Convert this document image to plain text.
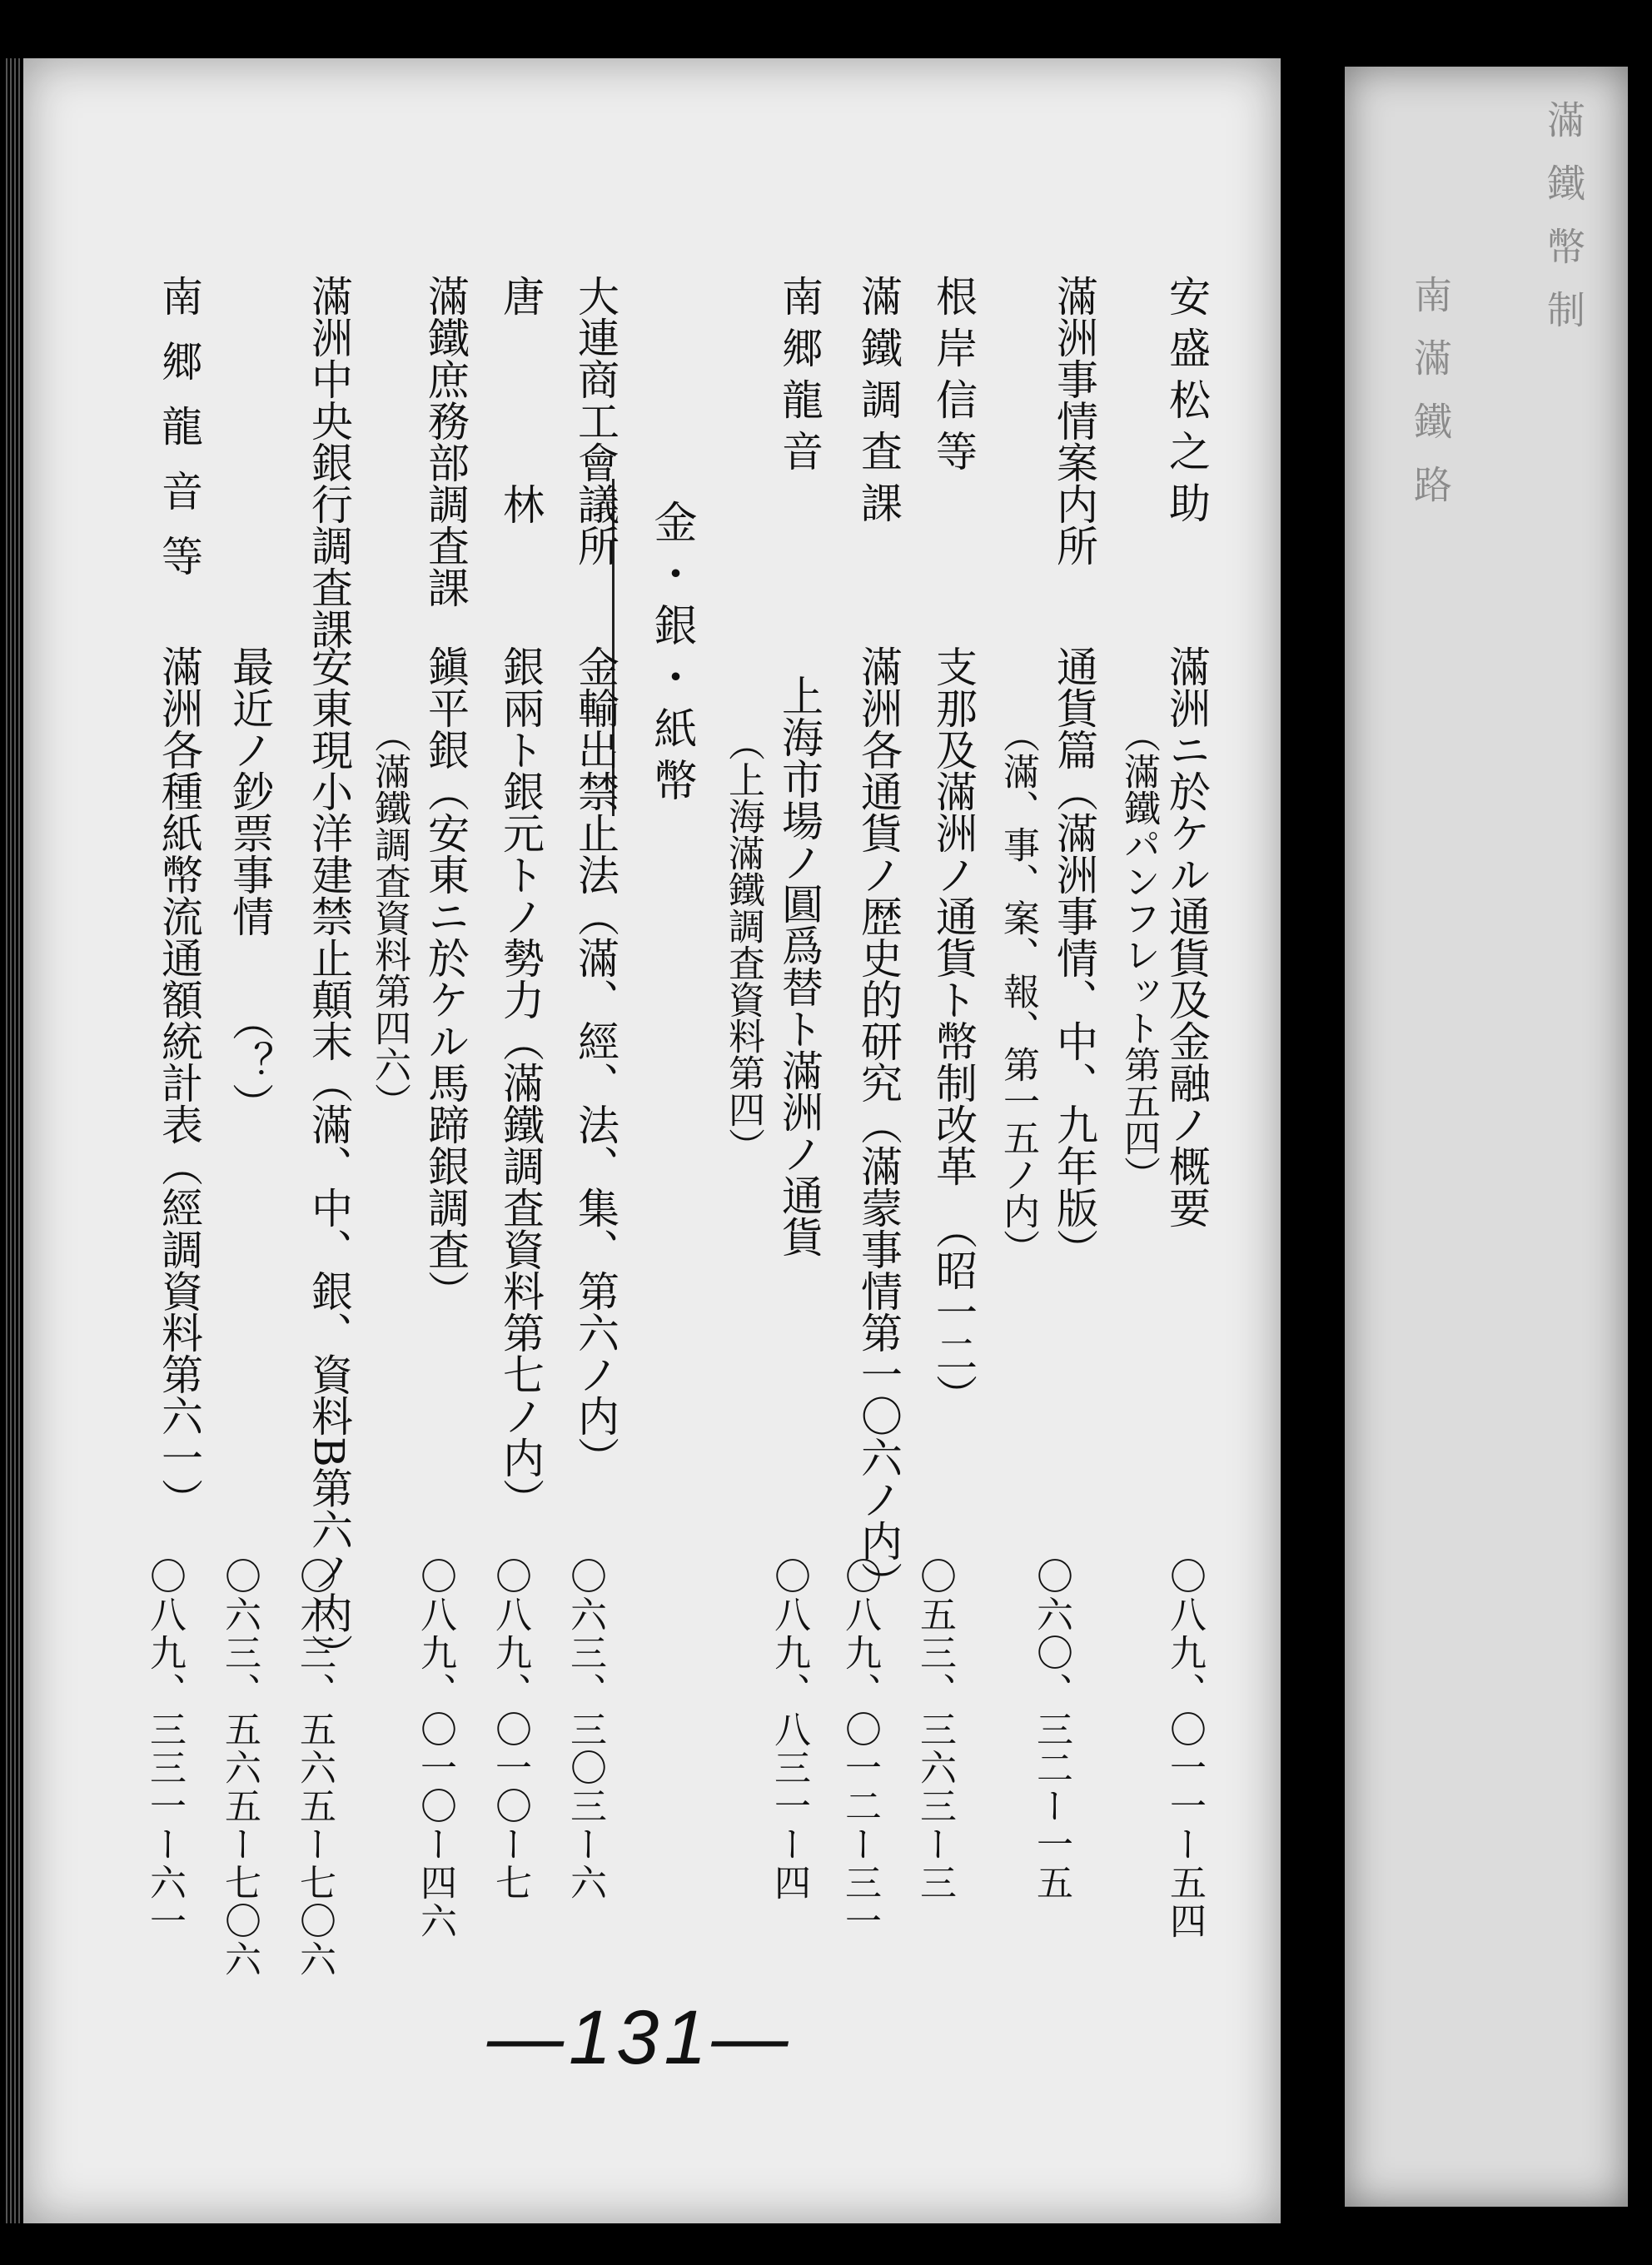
滿鐵幣制
南滿鐵路
安盛松之助
滿洲ニ於ケル通貨及金融ノ概要
（滿鐵パンフレット第五四）
〇八九、〇一一ー五四
滿洲事情案内所
通貨篇（滿洲事情、中、九年版）
（滿、事、案、報、第一五ノ内）
〇六〇、三二ー一五
根岸信等
支那及滿洲ノ通貨ト幣制改革　（昭一二）
〇五三、三六三ー三
滿鐵調査課
滿洲各通貨ノ歴史的研究（滿蒙事情第一〇六ノ内）
〇八九、〇一二ー三一
南郷龍音
上海市場ノ圓爲替ト滿洲ノ通貨
（上海滿鐵調査資料第四）
〇八九、八三一ー四
金・銀・紙幣
大連商工會議所
金輸出禁止法（滿、經、法、集、第六ノ内）
〇六三、三〇三ー六
唐林
銀兩ト銀元トノ勢力（滿鐵調査資料第七ノ内）
〇八九、〇一〇ー七
滿鐵庶務部調査課
鎭平銀（安東ニ於ケル馬蹄銀調査）
（滿鐵調査資料第四六）
〇八九、〇一〇ー四六
滿洲中央銀行調査課
安東現小洋建禁止顛末（滿、中、銀、資料B第六ノ内）
〇六三、五六五ー七〇六
最近ノ鈔票事情　　（？）
〇六三、五六五ー七〇六
南郷龍音等
滿洲各種紙幣流通額統計表（經調資料第六一）
〇八九、三三一ー六一
—131—
